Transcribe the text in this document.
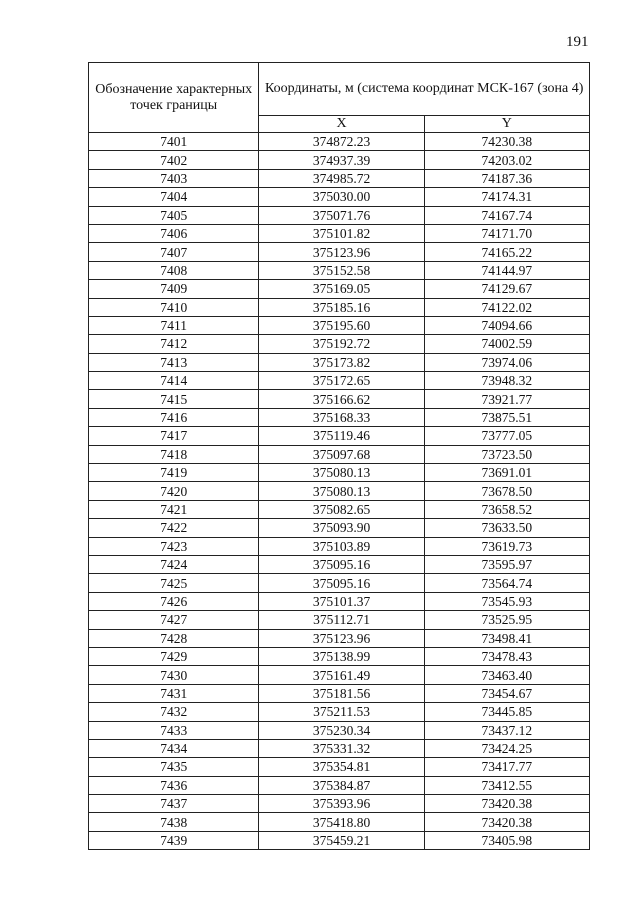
191
Обозначение характерных точек границы	Координаты, м (система координат МСК-167 (зона 4)	
	X	Y
7401	374872.23	74230.38
7402	374937.39	74203.02
7403	374985.72	74187.36
7404	375030.00	74174.31
7405	375071.76	74167.74
7406	375101.82	74171.70
7407	375123.96	74165.22
7408	375152.58	74144.97
7409	375169.05	74129.67
7410	375185.16	74122.02
7411	375195.60	74094.66
7412	375192.72	74002.59
7413	375173.82	73974.06
7414	375172.65	73948.32
7415	375166.62	73921.77
7416	375168.33	73875.51
7417	375119.46	73777.05
7418	375097.68	73723.50
7419	375080.13	73691.01
7420	375080.13	73678.50
7421	375082.65	73658.52
7422	375093.90	73633.50
7423	375103.89	73619.73
7424	375095.16	73595.97
7425	375095.16	73564.74
7426	375101.37	73545.93
7427	375112.71	73525.95
7428	375123.96	73498.41
7429	375138.99	73478.43
7430	375161.49	73463.40
7431	375181.56	73454.67
7432	375211.53	73445.85
7433	375230.34	73437.12
7434	375331.32	73424.25
7435	375354.81	73417.77
7436	375384.87	73412.55
7437	375393.96	73420.38
7438	375418.80	73420.38
7439	375459.21	73405.98
